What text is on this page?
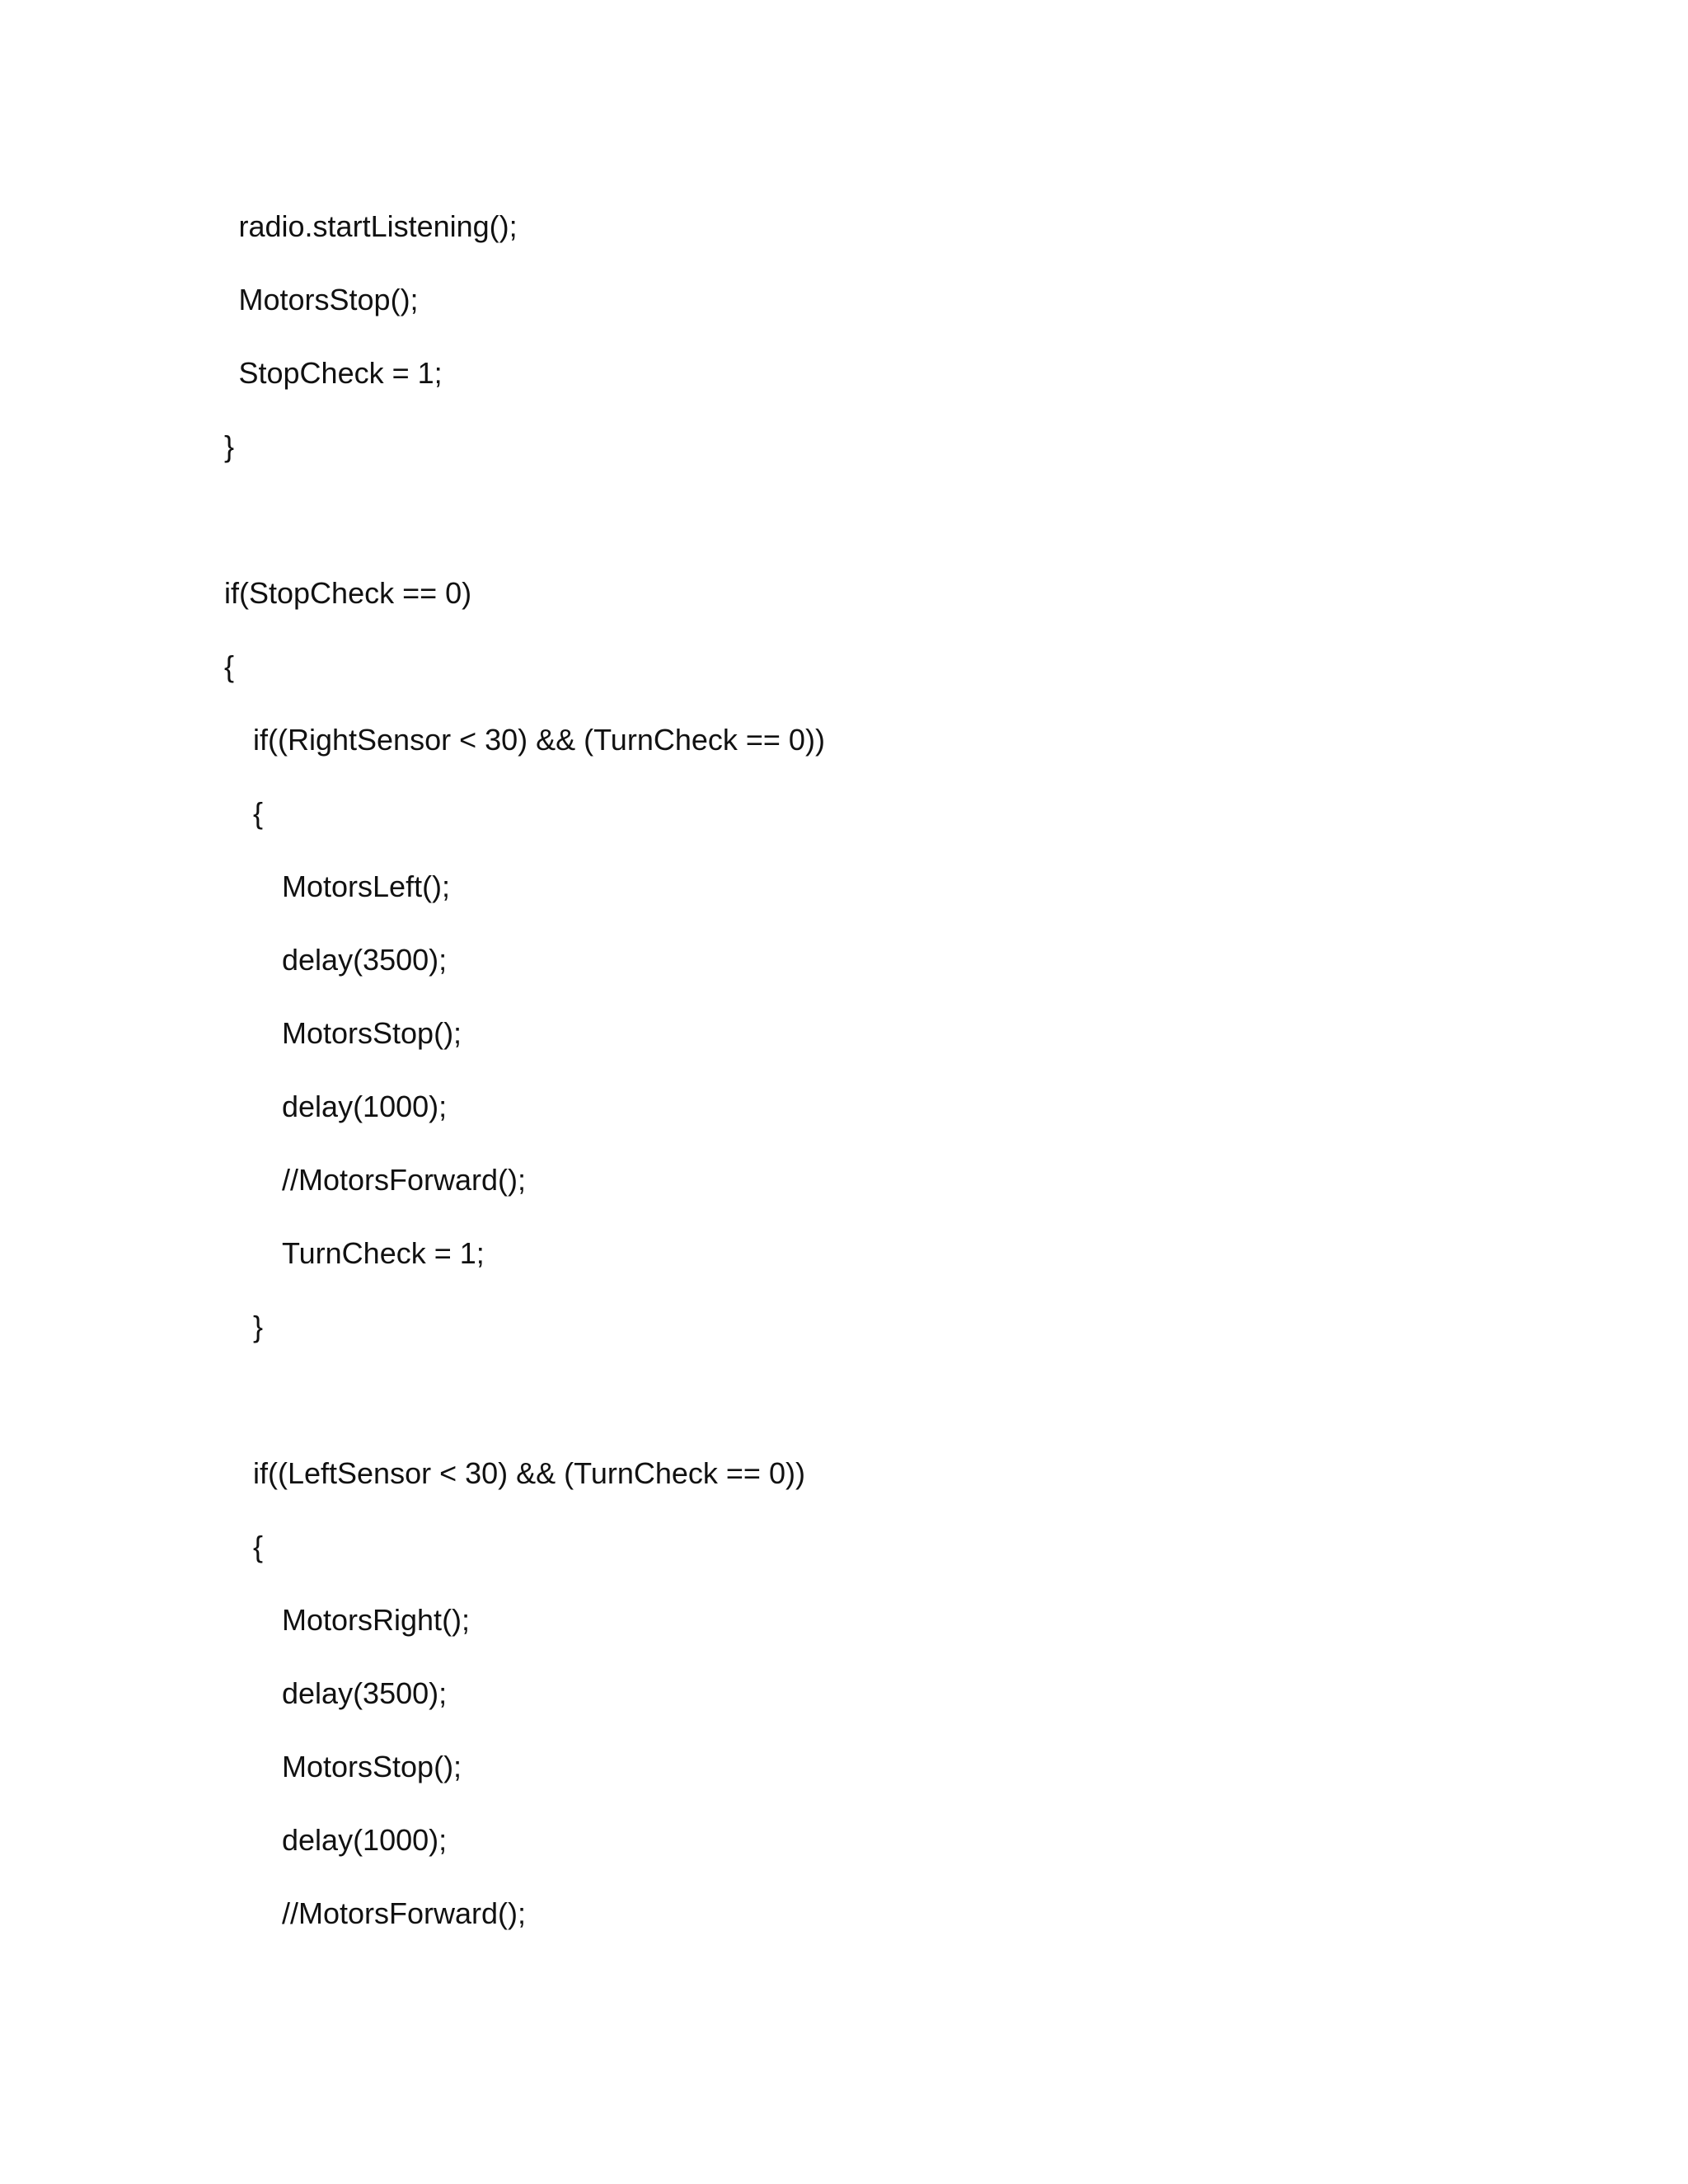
radio.startListening();
MotorsStop();
StopCheck = 1;
}
if(StopCheck == 0)
{
if((RightSensor < 30) && (TurnCheck == 0))
{
MotorsLeft();
delay(3500);
MotorsStop();
delay(1000);
//MotorsForward();
TurnCheck = 1;
}
if((LeftSensor < 30) && (TurnCheck == 0))
{
MotorsRight();
delay(3500);
MotorsStop();
delay(1000);
//MotorsForward();
